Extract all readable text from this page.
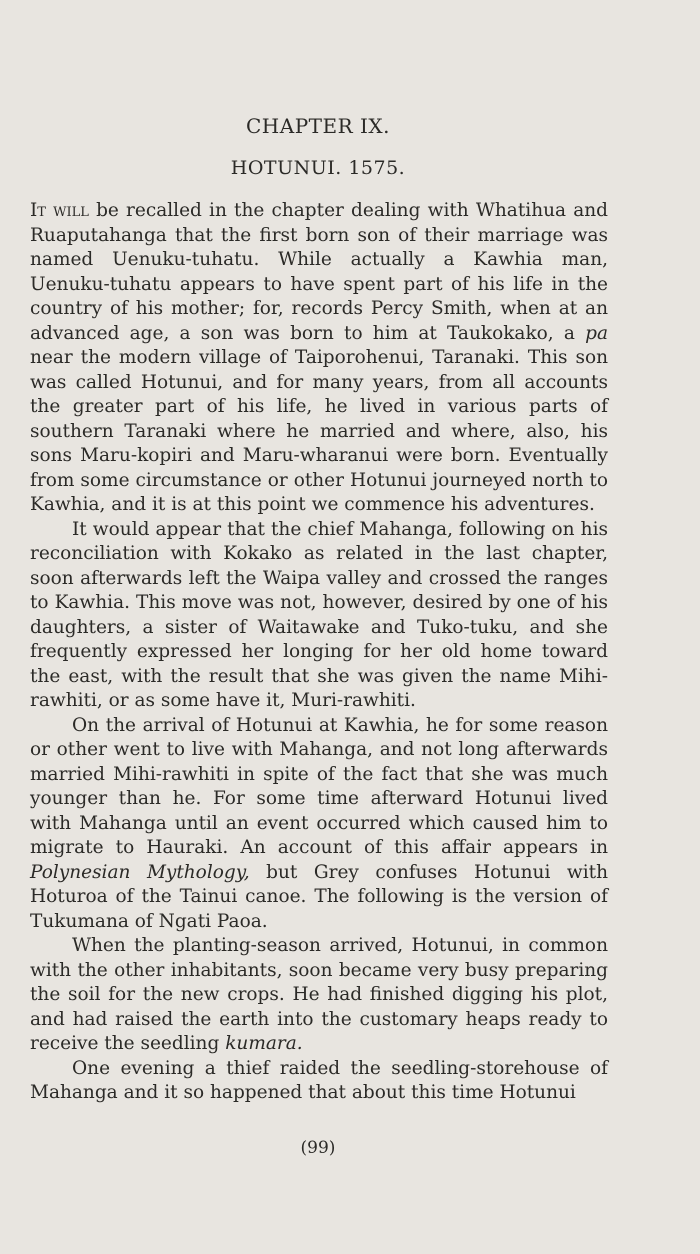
CHAPTER IX.
HOTUNUI. 1575.

It will be recalled in the chapter dealing with Whatihua and Ruaputahanga that the first born son of their marriage was named Uenuku-tuhatu. While actually a Kawhia man, Uenuku-tuhatu appears to have spent part of his life in the country of his mother; for, records Percy Smith, when at an advanced age, a son was born to him at Taukokako, a pa near the modern village of Taiporohenui, Taranaki. This son was called Hotunui, and for many years, from all accounts the greater part of his life, he lived in various parts of southern Taranaki where he married and where, also, his sons Maru-kopiri and Maru-wharanui were born. Eventually from some circumstance or other Hotunui journeyed north to Kawhia, and it is at this point we commence his adventures.

It would appear that the chief Mahanga, following on his reconciliation with Kokako as related in the last chapter, soon afterwards left the Waipa valley and crossed the ranges to Kawhia. This move was not, however, desired by one of his daughters, a sister of Waitawake and Tuko-tuku, and she frequently expressed her longing for her old home toward the east, with the result that she was given the name Mihi-rawhiti, or as some have it, Muri-rawhiti.

On the arrival of Hotunui at Kawhia, he for some reason or other went to live with Mahanga, and not long afterwards married Mihi-rawhiti in spite of the fact that she was much younger than he. For some time afterward Hotunui lived with Mahanga until an event occurred which caused him to migrate to Hauraki. An account of this affair appears in Polynesian Mythology, but Grey confuses Hotunui with Hoturoa of the Tainui canoe. The following is the version of Tukumana of Ngati Paoa.

When the planting-season arrived, Hotunui, in common with the other inhabitants, soon became very busy preparing the soil for the new crops. He had finished digging his plot, and had raised the earth into the customary heaps ready to receive the seedling kumara.

One evening a thief raided the seedling-storehouse of Mahanga and it so happened that about this time Hotunui

(99)
